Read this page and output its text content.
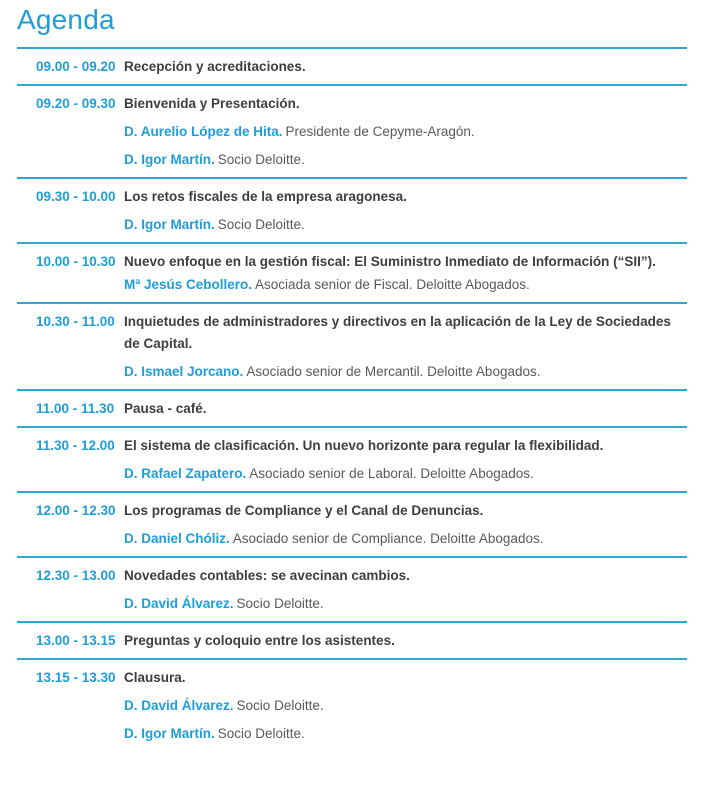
Agenda
09.00 - 09.20 Recepción y acreditaciones.
09.20 - 09.30 Bienvenida y Presentación.

D. Aurelio López de Hita. Presidente de Cepyme-Aragón.

D. Igor Martín. Socio Deloitte.

09.30 - 10.00 Los retos fiscales de la empresa aragonesa.

D. Igor Martín. Socio Deloitte.

10.00 - 10.30 Nuevo enfoque en la gestión fiscal: El Suministro Inmediato de Información (“SII”).

Mª Jesús Cebollero. Asociada senior de Fiscal. Deloitte Abogados.

10.30 - 11.00 Inquietudes de administradores y directivos en la aplicación de la Ley de Sociedades de Capital.

D. Ismael Jorcano. Asociado senior de Mercantil. Deloitte Abogados.

11.00 - 11.30 Pausa - café.
11.30 - 12.00 El sistema de clasificación. Un nuevo horizonte para regular la flexibilidad.

D. Rafael Zapatero. Asociado senior de Laboral. Deloitte Abogados.

12.00 - 12.30 Los programas de Compliance y el Canal de Denuncias.

D. Daniel Chóliz. Asociado senior de Compliance. Deloitte Abogados.

12.30 - 13.00 Novedades contables: se avecinan cambios.

D. David Álvarez. Socio Deloitte.

13.00 - 13.15 Preguntas y coloquio entre los asistentes.
13.15 - 13.30 Clausura.

D. David Álvarez. Socio Deloitte.

D. Igor Martín. Socio Deloitte.
